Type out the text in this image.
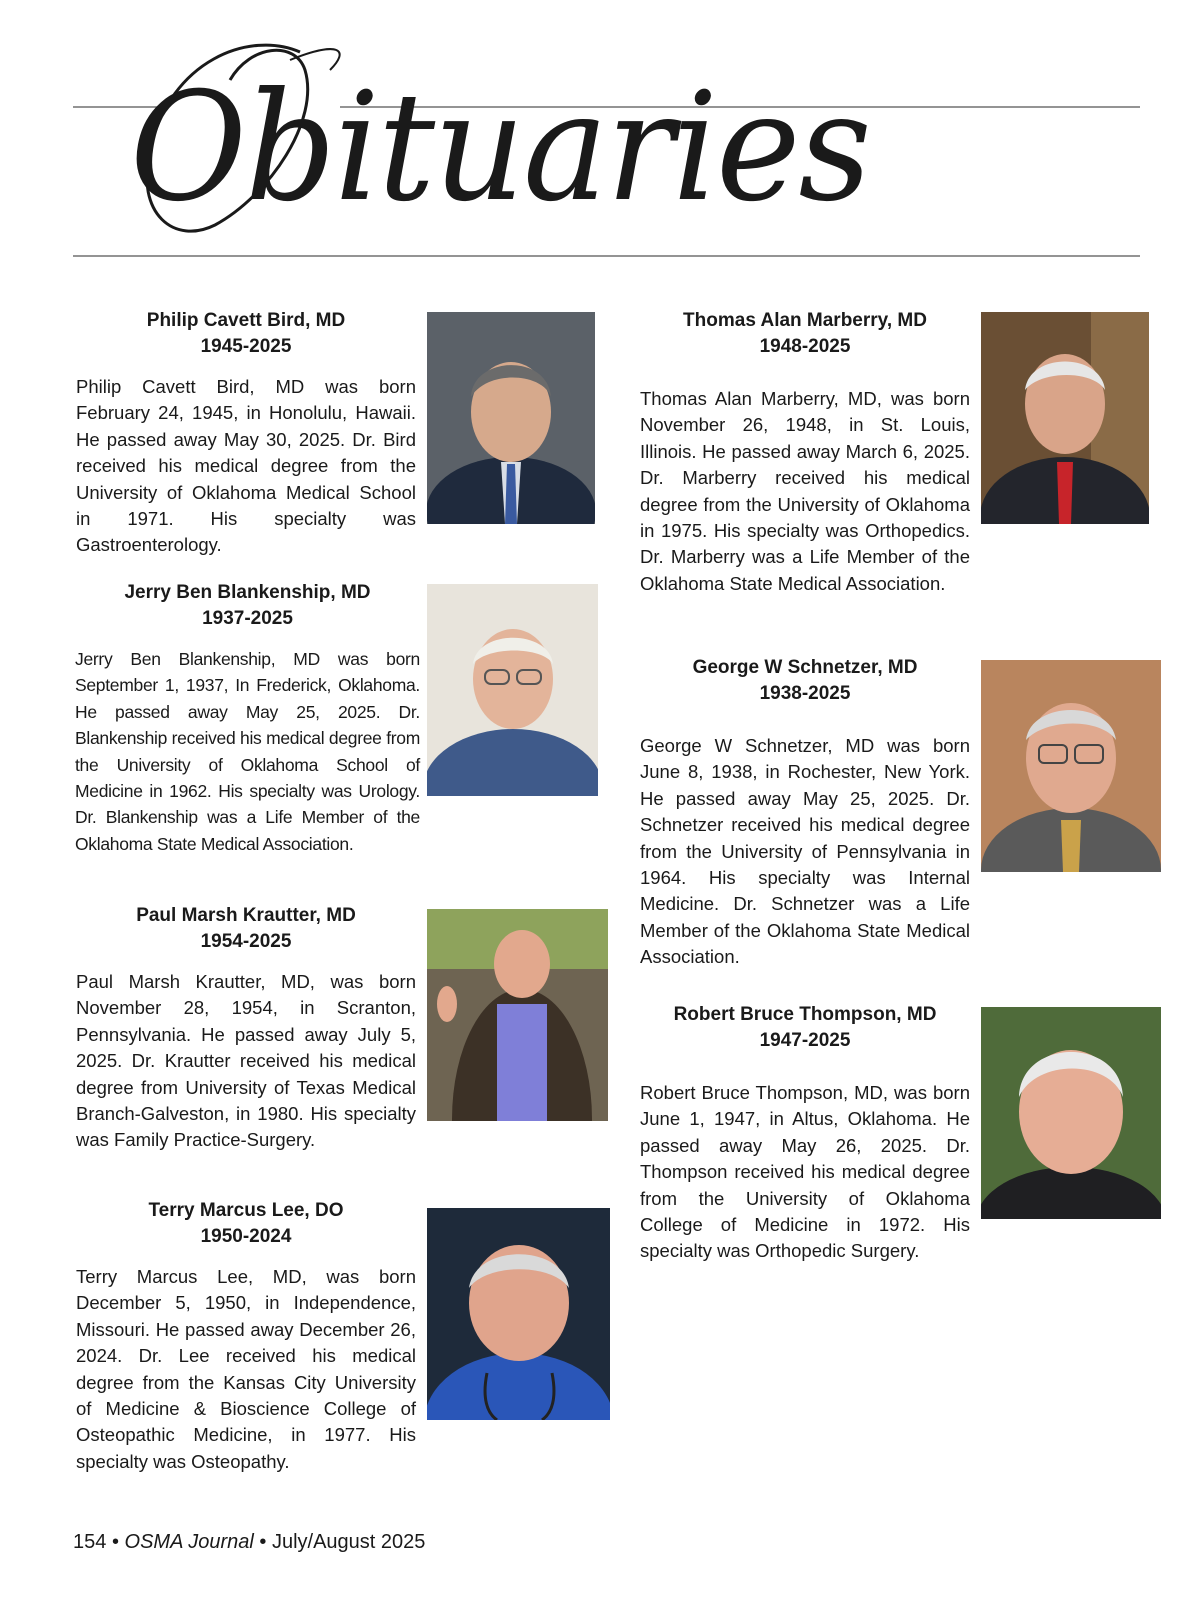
Obituaries

Philip Cavett Bird, MD

1945-2025

Philip Cavett Bird, MD was born February 24, 1945, in Honolulu, Hawaii. He passed away May 30, 2025. Dr. Bird received his medical degree from the University of Oklahoma Medical School in 1971. His specialty was Gastroenterology.

Jerry Ben Blankenship, MD

1937-2025

Jerry Ben Blankenship, MD was born September 1, 1937, In Frederick, Oklahoma. He passed away May 25, 2025. Dr. Blankenship received his medical degree from the University of Oklahoma School of Medicine in 1962. His specialty was Urology. Dr. Blankenship was a Life Member of the Oklahoma State Medical Association.

Paul Marsh Krautter, MD

1954-2025

Paul Marsh Krautter, MD, was born November 28, 1954, in Scranton, Pennsylvania. He passed away July 5, 2025. Dr. Krautter received his medical degree from University of Texas Medical Branch-Galveston, in 1980. His specialty was Family Practice-Surgery.

Terry Marcus Lee, DO

1950-2024

Terry Marcus Lee, MD, was born December 5, 1950, in Independence, Missouri. He passed away December 26, 2024. Dr. Lee received his medical degree from the Kansas City University of Medicine & Bioscience College of Osteopathic Medicine, in 1977. His specialty was Osteopathy.

Thomas Alan Marberry, MD

1948-2025

Thomas Alan Marberry, MD, was born November 26, 1948, in St. Louis, Illinois. He passed away March 6, 2025. Dr. Marberry received his medical degree from the University of Oklahoma in 1975. His specialty was Orthopedics. Dr. Marberry was a Life Member of the Oklahoma State Medical Association.

George W Schnetzer, MD

1938-2025

George W Schnetzer, MD was born June 8, 1938, in Rochester, New York. He passed away May 25, 2025. Dr. Schnetzer received his medical degree from the University of Pennsylvania in 1964. His specialty was Internal Medicine. Dr. Schnetzer was a Life Member of the Oklahoma State Medical Association.

Robert Bruce Thompson, MD

1947-2025

Robert Bruce Thompson, MD, was born June 1, 1947, in Altus, Oklahoma. He passed away May 26, 2025. Dr. Thompson received his medical degree from the University of Oklahoma College of Medicine in 1972. His specialty was Orthopedic Surgery.

154 • OSMA Journal • July/August 2025
